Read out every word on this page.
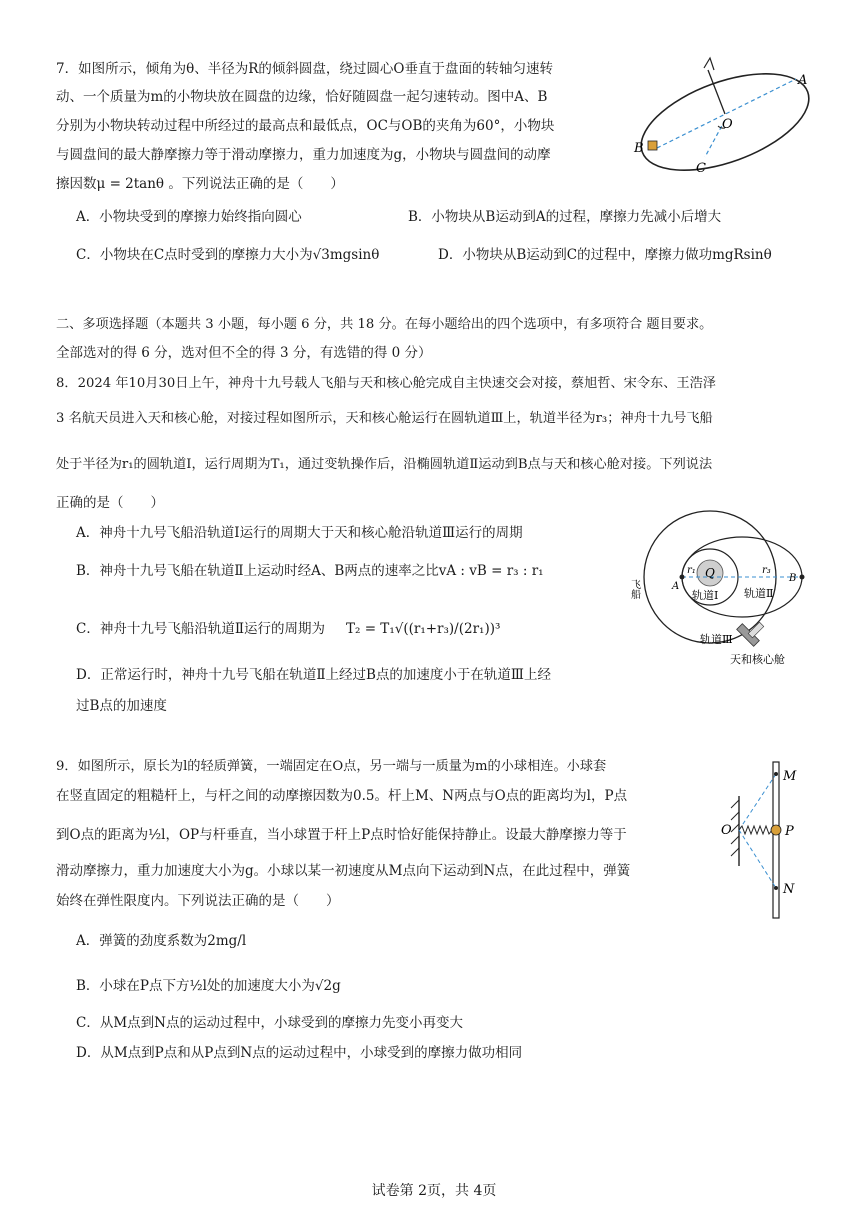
7．如图所示，倾角为θ、半径为R的倾斜圆盘，绕过圆心O垂直于盘面的转轴匀速转
动、一个质量为m的小物块放在圆盘的边缘，恰好随圆盘一起匀速转动。图中A、B
分别为小物块转动过程中所经过的最高点和最低点，OC与OB的夹角为60°，小物块
与圆盘间的最大静摩擦力等于滑动摩擦力，重力加速度为g，小物块与圆盘间的动摩
擦因数μ = 2tanθ 。下列说法正确的是（　　）
A．小物块受到的摩擦力始终指向圆心	B．小物块从B运动到A的过程，摩擦力先减小后增大
C．小物块在C点时受到的摩擦力大小为√3mgsinθ	D．小物块从B运动到C的过程中，摩擦力做功mgRsinθ
A
B
C
O
二、多项选择题（本题共 3 小题，每小题 6 分，共 18 分。在每小题给出的四个选项中，有多项符合 题目要求。
全部选对的得 6 分，选对但不全的得 3 分，有选错的得 0 分）
8．2024 年10月30日上午，神舟十九号载人飞船与天和核心舱完成自主快速交会对接，蔡旭哲、宋令东、王浩泽
3 名航天员进入天和核心舱，对接过程如图所示，天和核心舱运行在圆轨道Ⅲ上，轨道半径为r₃；神舟十九号飞船
处于半径为r₁的圆轨道Ⅰ，运行周期为T₁，通过变轨操作后，沿椭圆轨道Ⅱ运动到B点与天和核心舱对接。下列说法
正确的是（　　）
A．神舟十九号飞船沿轨道Ⅰ运行的周期大于天和核心舱沿轨道Ⅲ运行的周期
B．神舟十九号飞船在轨道Ⅱ上运动时经A、B两点的速率之比vA : vB = r₃ : r₁
C．神舟十九号飞船沿轨道Ⅱ运行的周期为 T₂ = T₁√((r₁+r₃)/(2r₁))³
D．正常运行时，神舟十九号飞船在轨道Ⅱ上经过B点的加速度小于在轨道Ⅲ上经
过B点的加速度
Q
飞船	A
r₁	r₃
B
轨道Ⅰ 轨道Ⅱ
轨道Ⅲ
天和核心舱
9．如图所示，原长为l的轻质弹簧，一端固定在O点，另一端与一质量为m的小球相连。小球套
在竖直固定的粗糙杆上，与杆之间的动摩擦因数为0.5。杆上M、N两点与O点的距离均为l，P点
到O点的距离为½l，OP与杆垂直，当小球置于杆上P点时恰好能保持静止。设最大静摩擦力等于
滑动摩擦力，重力加速度大小为g。小球以某一初速度从M点向下运动到N点，在此过程中，弹簧
始终在弹性限度内。下列说法正确的是（　　）
A．弹簧的劲度系数为2mg/l
B．小球在P点下方½l处的加速度大小为√2g
C．从M点到N点的运动过程中，小球受到的摩擦力先变小再变大
D．从M点到P点和从P点到N点的运动过程中，小球受到的摩擦力做功相同
M
O	P
N
试卷第 2页，共 4页
